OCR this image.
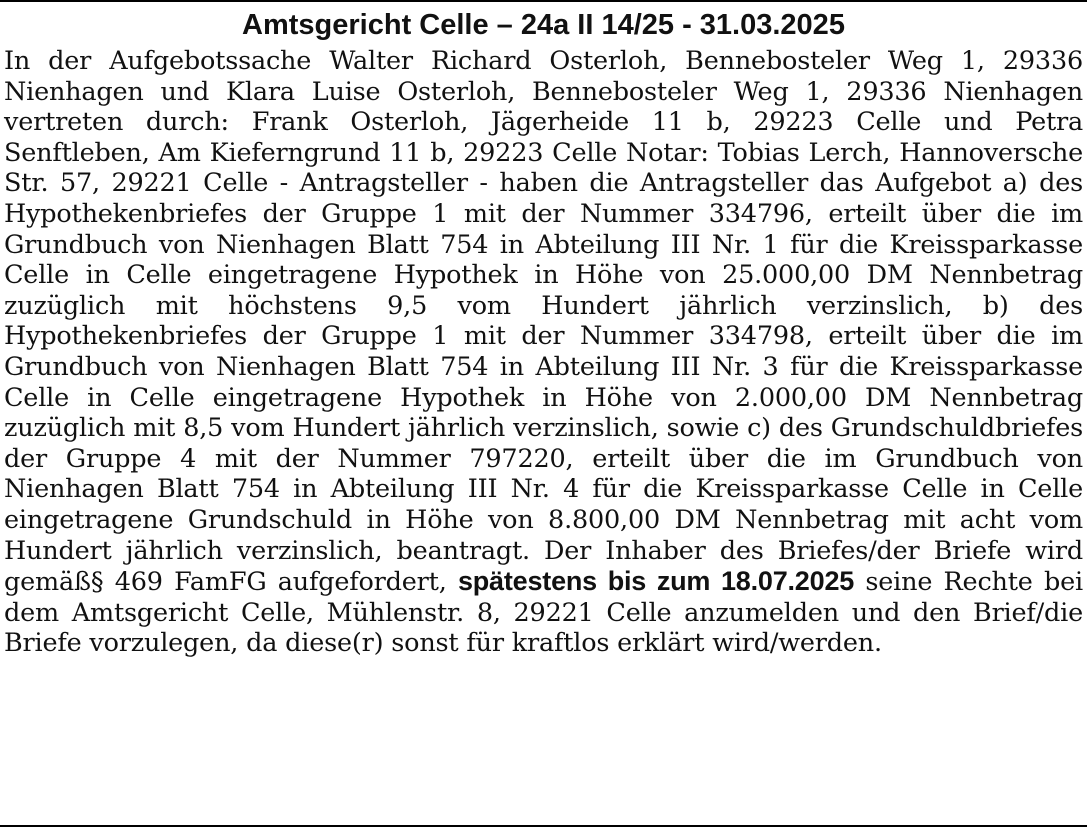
Amtsgericht Celle – 24a II 14/25 - 31.03.2025

In der Aufgebotssache Walter Richard Osterloh, Bennebosteler Weg 1, 29336 Nienhagen und Klara Luise Osterloh, Bennebosteler Weg 1, 29336 Nienhagen vertreten durch: Frank Osterloh, Jägerheide 11 b, 29223 Celle und Petra Senftleben, Am Kieferngrund 11 b, 29223 Celle Notar: Tobias Lerch, Hannoversche Str. 57, 29221 Celle - Antragsteller - haben die Antragsteller das Aufgebot a) des Hypothekenbriefes der Gruppe 1 mit der Nummer 334796, erteilt über die im Grundbuch von Nienhagen Blatt 754 in Abteilung III Nr. 1 für die Kreissparkasse Celle in Celle eingetragene Hypothek in Höhe von 25.000,00 DM Nennbetrag zuzüglich mit höchstens 9,5 vom Hundert jährlich verzinslich, b) des Hypothekenbriefes der Gruppe 1 mit der Nummer 334798, erteilt über die im Grundbuch von Nienhagen Blatt 754 in Abteilung III Nr. 3 für die Kreissparkasse Celle in Celle eingetragene Hypothek in Höhe von 2.000,00 DM Nennbetrag zuzüglich mit 8,5 vom Hundert jährlich verzinslich, sowie c) des Grundschuldbriefes der Gruppe 4 mit der Nummer 797220, erteilt über die im Grundbuch von Nienhagen Blatt 754 in Abteilung III Nr. 4 für die Kreissparkasse Celle in Celle eingetragene Grundschuld in Höhe von 8.800,00 DM Nennbetrag mit acht vom Hundert jährlich verzinslich, beantragt. Der Inhaber des Briefes/der Briefe wird gemäß§ 469 FamFG aufgefordert, spätestens bis zum 18.07.2025 seine Rechte bei dem Amtsgericht Celle, Mühlenstr. 8, 29221 Celle anzumelden und den Brief/die Briefe vorzulegen, da diese(r) sonst für kraftlos erklärt wird/werden.
